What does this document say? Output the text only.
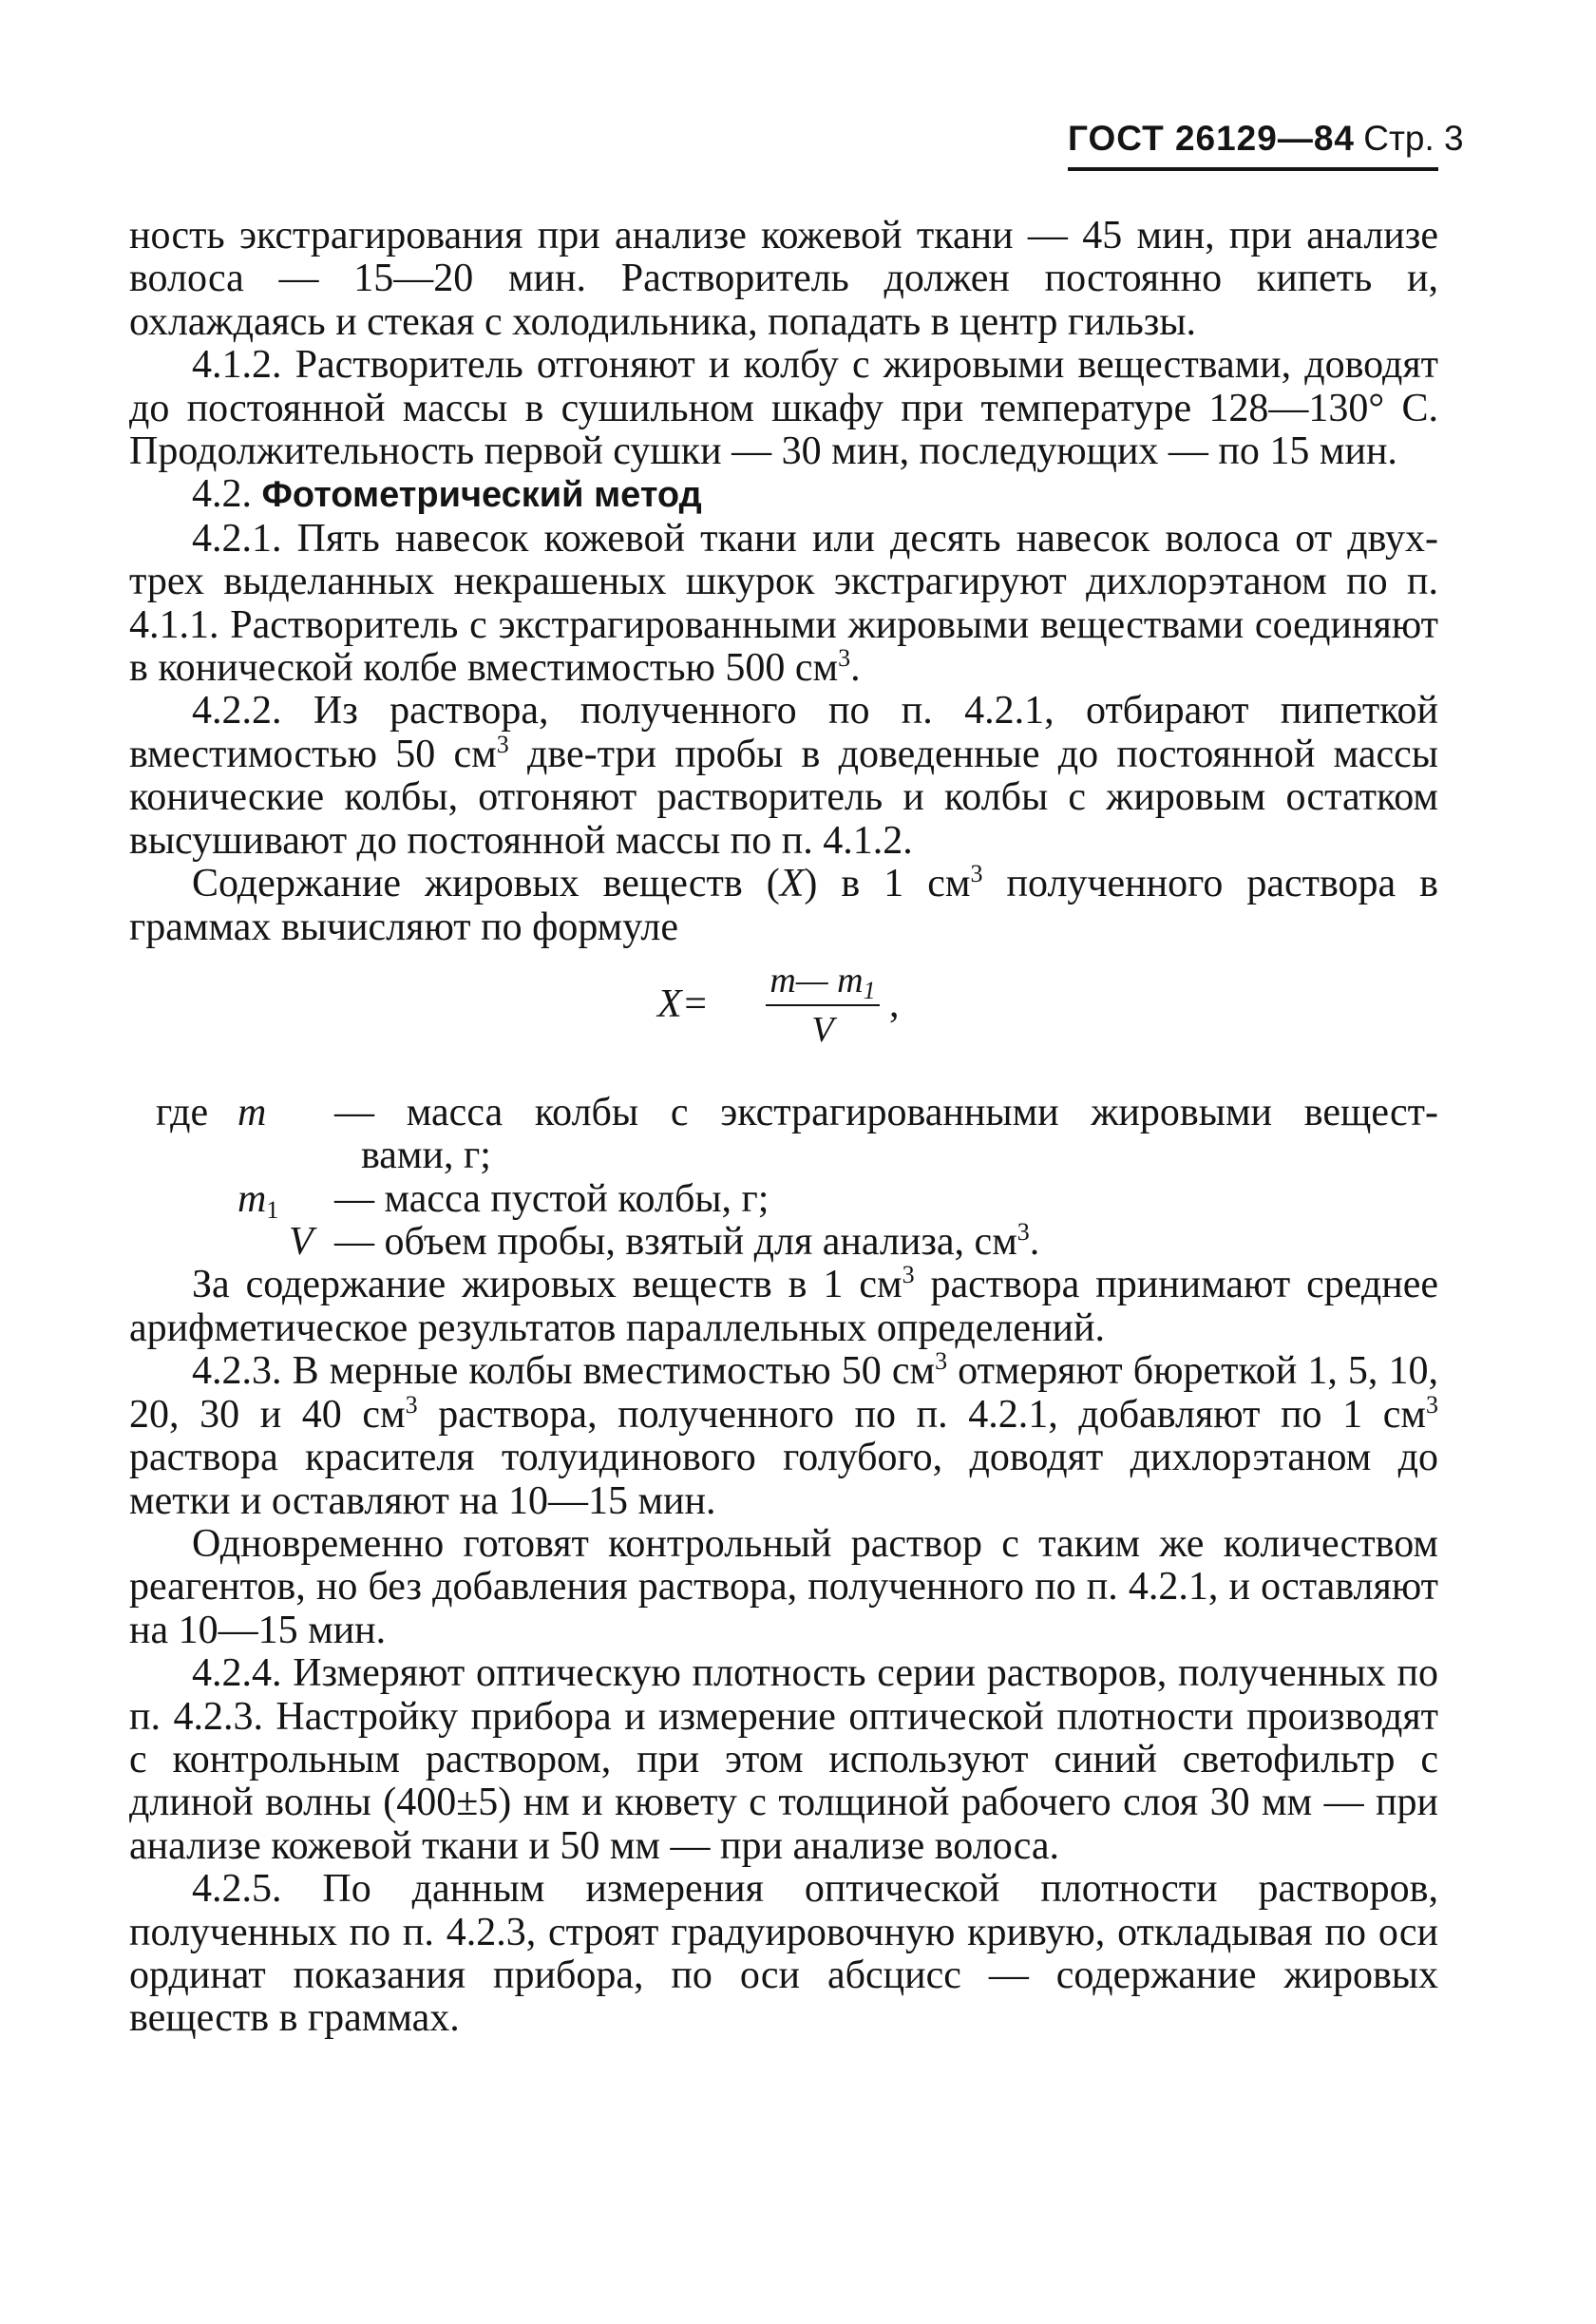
ГОСТ 26129—84 Стр. 3

ность экстрагирования при анализе кожевой ткани — 45 мин, при анализе волоса — 15—20 мин. Растворитель должен постоянно кипеть и, охлаждаясь и стекая с холодильника, попадать в центр гильзы.

4.1.2. Растворитель отгоняют и колбу с жировыми веществами, доводят до постоянной массы в сушильном шкафу при температуре 128—130° С. Продолжительность первой сушки — 30 мин, последующих — по 15 мин.

4.2. Фотометрический метод

4.2.1. Пять навесок кожевой ткани или десять навесок волоса от двух-трех выделанных некрашеных шкурок экстрагируют дихлорэтаном по п. 4.1.1. Растворитель с экстрагированными жировыми веществами соединяют в конической колбе вместимостью 500 $см^3$.

4.2.2. Из раствора, полученного по п. 4.2.1, отбирают пипеткой вместимостью 50 $см^3$ две-три пробы в доведенные до постоянной массы конические колбы, отгоняют растворитель и колбы с жировым остатком высушивают до постоянной массы по п. 4.1.2.

Содержание жировых веществ (X) в 1 $см^3$ полученного раствора в граммах вычисляют по формуле

X=
m— $m_1$
V
,
где m — масса колбы с экстрагированными жировыми вещест-
вами, г;
$m_1$ — масса пустой колбы, г;
V — объем пробы, взятый для анализа, $см^3$.

За содержание жировых веществ в 1 $см^3$ раствора принимают среднее арифметическое результатов параллельных определений.

4.2.3. В мерные колбы вместимостью 50 $см^3$ отмеряют бюреткой 1, 5, 10, 20, 30 и 40 $см^3$ раствора, полученного по п. 4.2.1, добавляют по 1 $см^3$ раствора красителя толуидинового голубого, доводят дихлорэтаном до метки и оставляют на 10—15 мин.

Одновременно готовят контрольный раствор с таким же количеством реагентов, но без добавления раствора, полученного по п. 4.2.1, и оставляют на 10—15 мин.

4.2.4. Измеряют оптическую плотность серии растворов, полученных по п. 4.2.3. Настройку прибора и измерение оптической плотности производят с контрольным раствором, при этом используют синий светофильтр с длиной волны (400±5) нм и кювету с толщиной рабочего слоя 30 мм — при анализе кожевой ткани и 50 мм — при анализе волоса.

4.2.5. По данным измерения оптической плотности растворов, полученных по п. 4.2.3, строят градуировочную кривую, откладывая по оси ординат показания прибора, по оси абсцисс — содержание жировых веществ в граммах.
